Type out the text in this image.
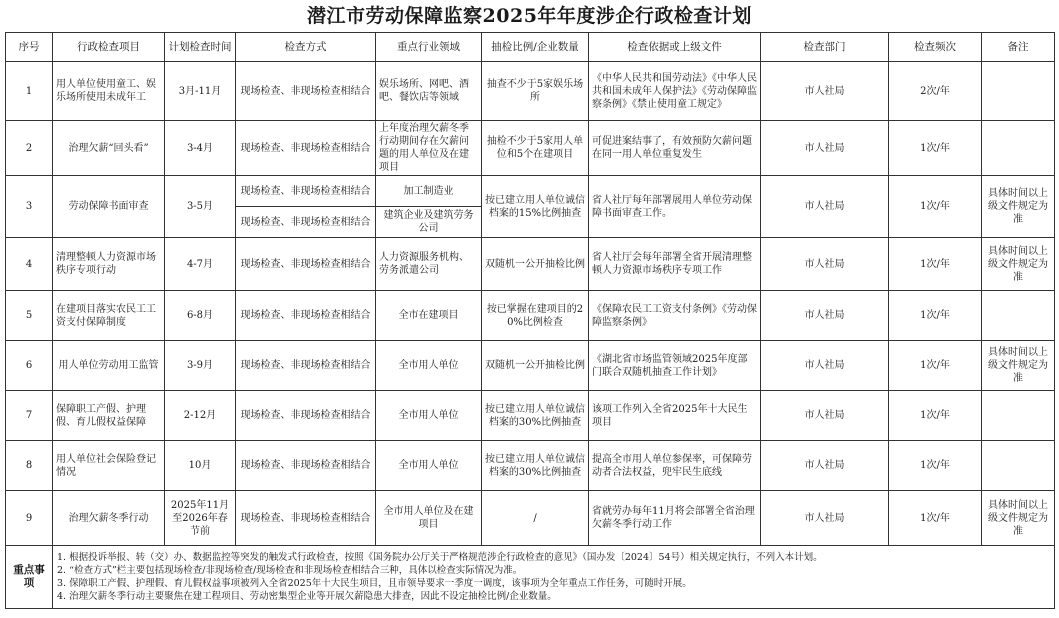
潜江市劳动保障监察2025年年度涉企行政检查计划
序号	行政检查项目	计划检查时间	检查方式	重点行业领域	抽检比例/企业数量	检查依据或上级文件	检查部门	检查频次	备注
1	用人单位使用童工、娱乐场所使用未成年工	3月-11月	现场检查、非现场检查相结合	娱乐场所、网吧、酒吧、餐饮店等领域	抽查不少于5家娱乐场所	《中华人民共和国劳动法》《中华人民共和国未成年人保护法》《劳动保障监察条例》《禁止使用童工规定》	市人社局	2次/年	
2	治理欠薪“回头看”	3-4月	现场检查、非现场检查相结合	上年度治理欠薪冬季行动期间存在欠薪问题的用人单位及在建项目	抽检不少于5家用人单位和5个在建项目	可促进案结事了，有效预防欠薪问题在同一用人单位重复发生	市人社局	1次/年	
3	劳动保障书面审查	3-5月	现场检查、非现场检查相结合	加工制造业	按已建立用人单位诚信档案的15%比例抽查	省人社厅每年部署展用人单位劳动保障书面审查工作。	市人社局	1次/年	具体时间以上级文件规定为准
			现场检查、非现场检查相结合	建筑企业及建筑劳务公司					
4	清理整顿人力资源市场秩序专项行动	4-7月	现场检查、非现场检查相结合	人力资源服务机构、劳务派遣公司	双随机一公开抽检比例	省人社厅会每年部署全省开展清理整顿人力资源市场秩序专项工作	市人社局	1次/年	具体时间以上级文件规定为准
5	在建项目落实农民工工资支付保障制度	6-8月	现场检查、非现场检查相结合	全市在建项目	按已掌握在建项目的20%比例检查	《保障农民工工资支付条例》《劳动保障监察条例》	市人社局	1次/年	
6	用人单位劳动用工监管	3-9月	现场检查、非现场检查相结合	全市用人单位	双随机一公开抽检比例	《湖北省市场监管领域2025年度部门联合双随机抽查工作计划》	市人社局	1次/年	具体时间以上级文件规定为准
7	保障职工产假、护理假、育儿假权益保障	2-12月	现场检查、非现场检查相结合	全市用人单位	按已建立用人单位诚信档案的30%比例抽查	该项工作列入全省2025年十大民生项目	市人社局	1次/年	
8	用人单位社会保险登记情况	10月	现场检查、非现场检查相结合	全市用人单位	按已建立用人单位诚信档案的30%比例抽查	提高全市用人单位参保率，可保障劳动者合法权益，兜牢民生底线	市人社局	1次/年	
9	治理欠薪冬季行动	2025年11月至2026年春节前	现场检查、非现场检查相结合	全市用人单位及在建项目	/	省就劳办每年11月将会部署全省治理欠薪冬季行动工作	市人社局	1次/年	具体时间以上级文件规定为准
重点事项	1. 根据投诉举报、转（交）办、数据监控等突发的触发式行政检查，按照《国务院办公厅关于严格规范涉企行政检查的意见》（国办发〔2024〕54号）相关规定执行，不列入本计划。
2. “检查方式”栏主要包括现场检查/非现场检查/现场检查和非现场检查相结合三种，具体以检查实际情况为准。
3. 保障职工产假、护理假、育儿假权益事项被列入全省2025年十大民生项目，且市领导要求一季度一调度，该事项为全年重点工作任务，可随时开展。
4. 治理欠薪冬季行动主要聚焦在建工程项目、劳动密集型企业等开展欠薪隐患大排查，因此不设定抽检比例/企业数量。								
